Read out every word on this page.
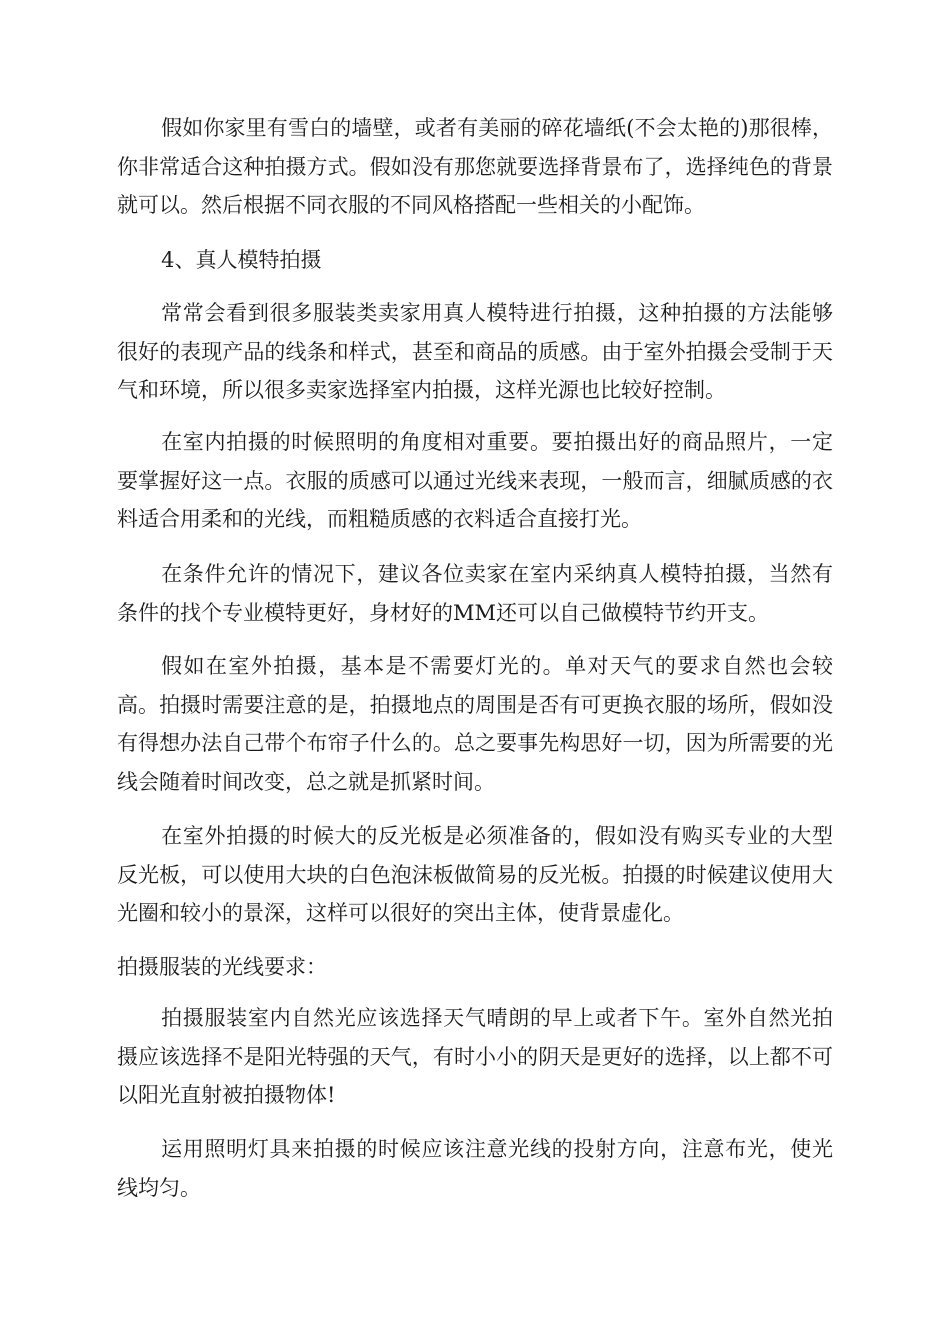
假如你家里有雪白的墙壁，或者有美丽的碎花墙纸(不会太艳的)那很棒，你非常适合这种拍摄方式。假如没有那您就要选择背景布了，选择纯色的背景就可以。然后根据不同衣服的不同风格搭配一些相关的小配饰。

4、真人模特拍摄

常常会看到很多服装类卖家用真人模特进行拍摄，这种拍摄的方法能够很好的表现产品的线条和样式，甚至和商品的质感。由于室外拍摄会受制于天气和环境，所以很多卖家选择室内拍摄，这样光源也比较好控制。

在室内拍摄的时候照明的角度相对重要。要拍摄出好的商品照片，一定要掌握好这一点。衣服的质感可以通过光线来表现，一般而言，细腻质感的衣料适合用柔和的光线，而粗糙质感的衣料适合直接打光。

在条件允许的情况下，建议各位卖家在室内采纳真人模特拍摄，当然有条件的找个专业模特更好，身材好的MM还可以自己做模特节约开支。

假如在室外拍摄，基本是不需要灯光的。单对天气的要求自然也会较高。拍摄时需要注意的是，拍摄地点的周围是否有可更换衣服的场所，假如没有得想办法自己带个布帘子什么的。总之要事先构思好一切，因为所需要的光线会随着时间改变，总之就是抓紧时间。

在室外拍摄的时候大的反光板是必须准备的，假如没有购买专业的大型反光板，可以使用大块的白色泡沫板做简易的反光板。拍摄的时候建议使用大光圈和较小的景深，这样可以很好的突出主体，使背景虚化。

拍摄服装的光线要求：

拍摄服装室内自然光应该选择天气晴朗的早上或者下午。室外自然光拍摄应该选择不是阳光特强的天气，有时小小的阴天是更好的选择，以上都不可以阳光直射被拍摄物体!

运用照明灯具来拍摄的时候应该注意光线的投射方向，注意布光，使光线均匀。
